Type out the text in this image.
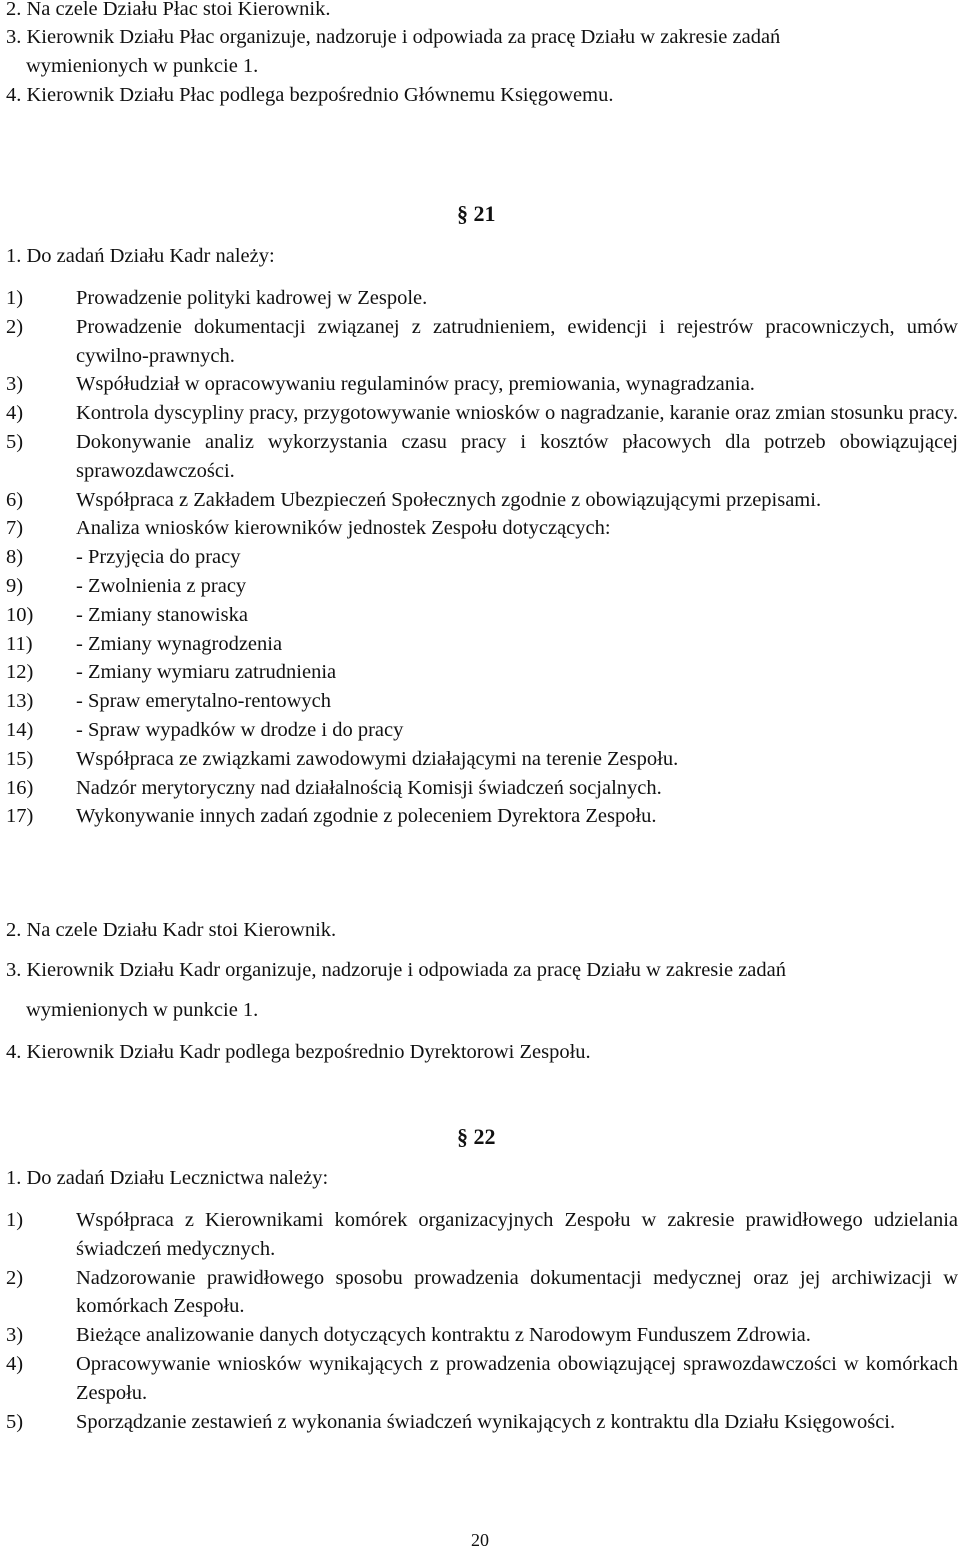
2. Na czele Działu Płac stoi Kierownik.

3. Kierownik Działu Płac organizuje, nadzoruje i odpowiada za pracę Działu w zakresie zadań

wymienionych w punkcie 1.

4. Kierownik Działu Płac podlega bezpośrednio Głównemu Księgowemu.

§ 21

1. Do zadań Działu Kadr należy:

1)	Prowadzenie polityki kadrowej w Zespole.
2)	Prowadzenie dokumentacji związanej z zatrudnieniem, ewidencji i rejestrów pracowniczych, umów cywilno-prawnych.
3)	Współudział w opracowywaniu regulaminów pracy, premiowania, wynagradzania.
4)	Kontrola dyscypliny pracy, przygotowywanie wniosków o nagradzanie, karanie oraz zmian stosunku pracy.
5)	Dokonywanie analiz wykorzystania czasu pracy i kosztów płacowych dla potrzeb obowiązującej sprawozdawczości.
6)	Współpraca z Zakładem Ubezpieczeń Społecznych zgodnie z obowiązującymi przepisami.
7)	Analiza wniosków kierowników jednostek Zespołu dotyczących:
8)	- Przyjęcia do pracy
9)	- Zwolnienia z pracy
10)	- Zmiany stanowiska
11)	- Zmiany wynagrodzenia
12)	- Zmiany wymiaru zatrudnienia
13)	- Spraw emerytalno-rentowych
14)	- Spraw wypadków w drodze i do pracy
15)	Współpraca ze związkami zawodowymi działającymi na terenie Zespołu.
16)	Nadzór merytoryczny nad działalnością Komisji świadczeń socjalnych.
17)	Wykonywanie innych zadań zgodnie z poleceniem Dyrektora Zespołu.

2. Na czele Działu Kadr stoi Kierownik.

3. Kierownik Działu Kadr organizuje, nadzoruje i odpowiada za pracę Działu w zakresie zadań

wymienionych w punkcie 1.

4. Kierownik Działu Kadr podlega bezpośrednio Dyrektorowi Zespołu.

§ 22

1. Do zadań Działu Lecznictwa należy:

1)	Współpraca z Kierownikami komórek organizacyjnych Zespołu w zakresie prawidłowego udzielania świadczeń medycznych.
2)	Nadzorowanie prawidłowego sposobu prowadzenia dokumentacji medycznej oraz jej archiwizacji w komórkach Zespołu.
3)	Bieżące analizowanie danych dotyczących kontraktu z Narodowym Funduszem Zdrowia.
4)	Opracowywanie wniosków wynikających z prowadzenia obowiązującej sprawozdawczości w komórkach Zespołu.
5)	Sporządzanie zestawień z wykonania świadczeń wynikających z kontraktu dla Działu Księgowości.
20
